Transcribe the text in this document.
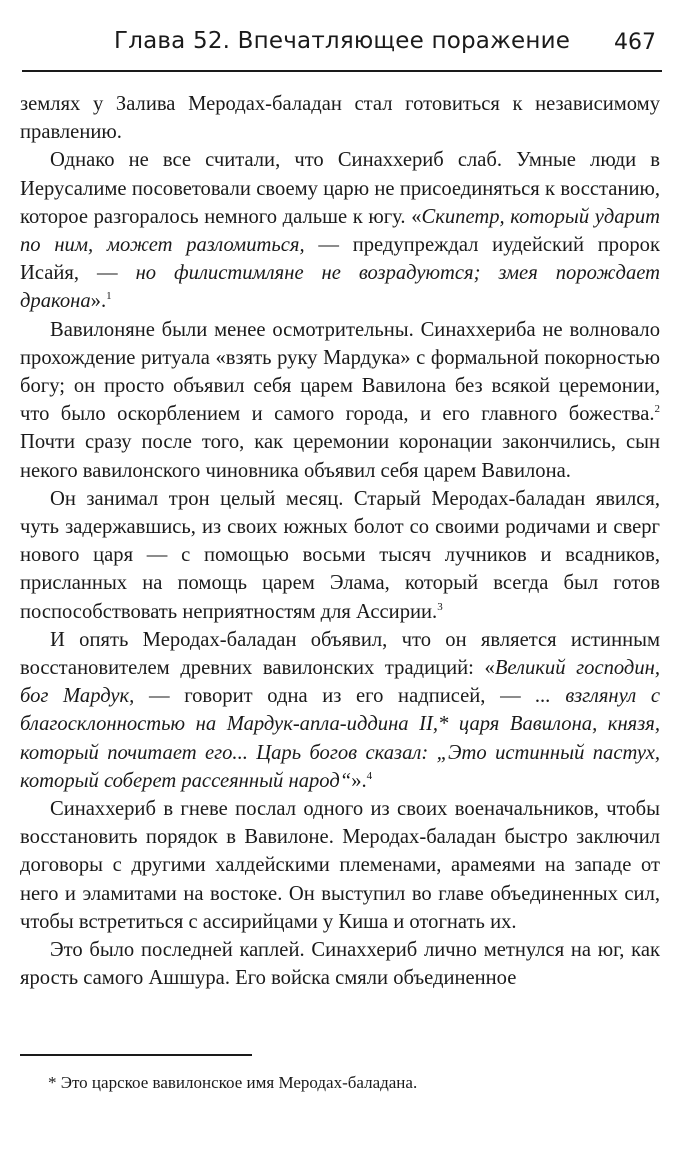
Глава 52. Впечатляющее поражение 467

землях у Залива Меродах-баладан стал готовиться к независимому правлению.

Однако не все считали, что Синаххериб слаб. Умные люди в Иерусалиме посоветовали своему царю не присоединяться к восстанию, которое разгоралось немного дальше к югу. «Скипетр, который ударит по ним, может разломиться, — предупреждал иудейский пророк Исайя, — но филистимляне не возрадуются; змея порождает дракона».$^1$

Вавилоняне были менее осмотрительны. Синаххериба не волновало прохождение ритуала «взять руку Мардука» с формальной покорностью богу; он просто объявил себя царем Вавилона без всякой церемонии, что было оскорблением и самого города, и его главного божества.$^2$ Почти сразу после того, как церемонии коронации закончились, сын некого вавилонского чиновника объявил себя царем Вавилона.

Он занимал трон целый месяц. Старый Меродах-баладан явился, чуть задержавшись, из своих южных болот со своими родичами и сверг нового царя — с помощью восьми тысяч лучников и всадников, присланных на помощь царем Элама, который всегда был готов поспособствовать неприятностям для Ассирии.$^3$

И опять Меродах-баладан объявил, что он является истинным восстановителем древних вавилонских традиций: «Великий господин, бог Мардук, — говорит одна из его надписей, — ... взглянул с благосклонностью на Мардук-апла-иддина II,* царя Вавилона, князя, который почитает его... Царь богов сказал: „Это истинный пастух, который соберет рассеянный народ“».$^4$

Синаххериб в гневе послал одного из своих военачальников, чтобы восстановить порядок в Вавилоне. Меродах-баладан быстро заключил договоры с другими халдейскими племенами, арамеями на западе от него и эламитами на востоке. Он выступил во главе объединенных сил, чтобы встретиться с ассирийцами у Киша и отогнать их.

Это было последней каплей. Синаххериб лично метнулся на юг, как ярость самого Ашшура. Его войска смяли объединенное

* Это царское вавилонское имя Меродах-баладана.
